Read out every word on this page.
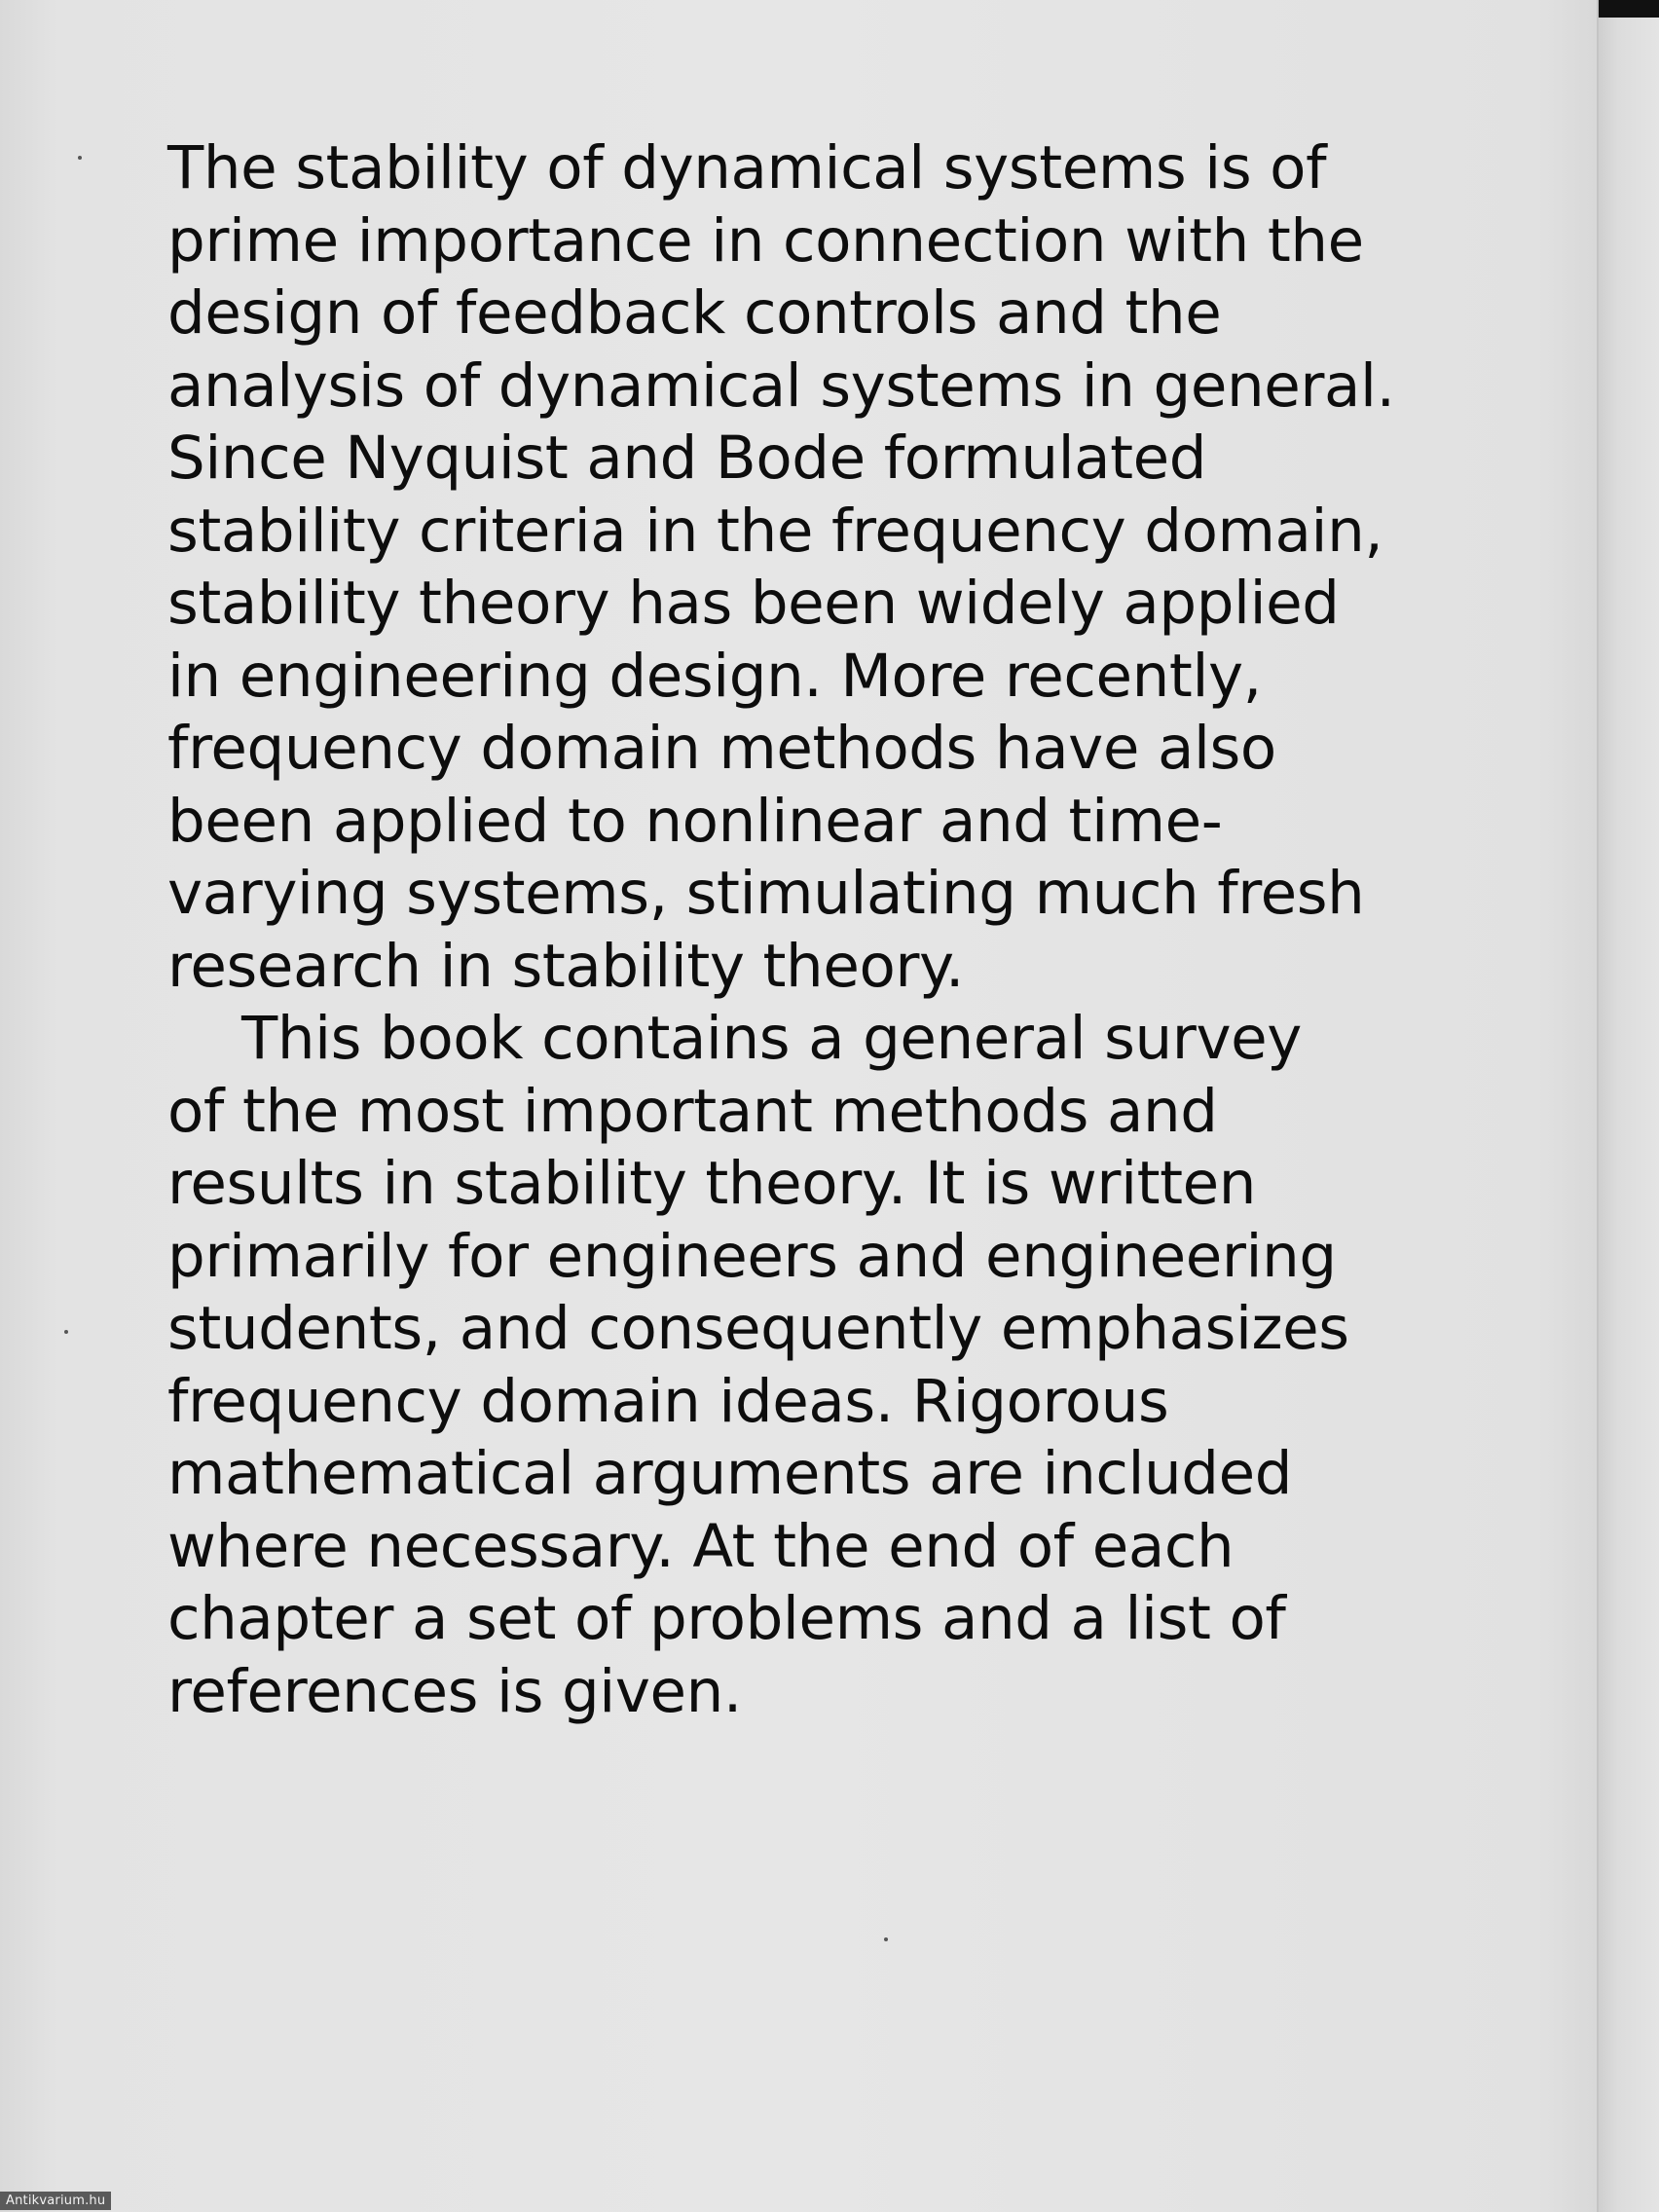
The stability of dynamical systems is of
prime importance in connection with the
design of feedback controls and the
analysis of dynamical systems in general.
Since Nyquist and Bode formulated
stability criteria in the frequency domain,
stability theory has been widely applied
in engineering design. More recently,
frequency domain methods have also
been applied to nonlinear and time-
varying systems, stimulating much fresh
research in stability theory.
This book contains a general survey
of the most important methods and
results in stability theory. It is written
primarily for engineers and engineering
students, and consequently emphasizes
frequency domain ideas. Rigorous
mathematical arguments are included
where necessary. At the end of each
chapter a set of problems and a list of
references is given.
Antikvarium.hu
